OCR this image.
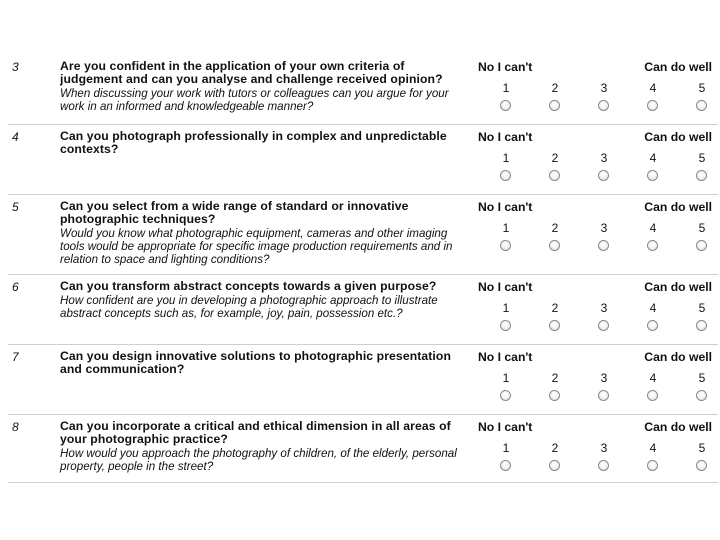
3	Are you confident in the application of your own criteria of judgement and can you analyse and challenge received opinion?
When discussing your work with tutors or colleagues can you argue for your work in an informed and knowledgeable manner?
No I can't	Can do well
1	2	3	4	5
4	Can you photograph professionally in complex and unpredictable contexts?
No I can't	Can do well
1	2	3	4	5
5	Can you select from a wide range of standard or innovative photographic techniques?
Would you know what photographic equipment, cameras and other imaging tools would be appropriate for specific image production requirements and in relation to space and lighting conditions?
No I can't	Can do well
1	2	3	4	5
6	Can you transform abstract concepts towards a given purpose?
How confident are you in developing a photographic approach to illustrate abstract concepts such as, for example, joy, pain, possession etc.?
No I can't	Can do well
1	2	3	4	5
7	Can you design innovative solutions to photographic presentation and communication?
No I can't	Can do well
1	2	3	4	5
8	Can you incorporate a critical and ethical dimension in all areas of your photographic practice?
How would you approach the photography of children, of the elderly, personal property, people in the street?
No I can't	Can do well
1	2	3	4	5
